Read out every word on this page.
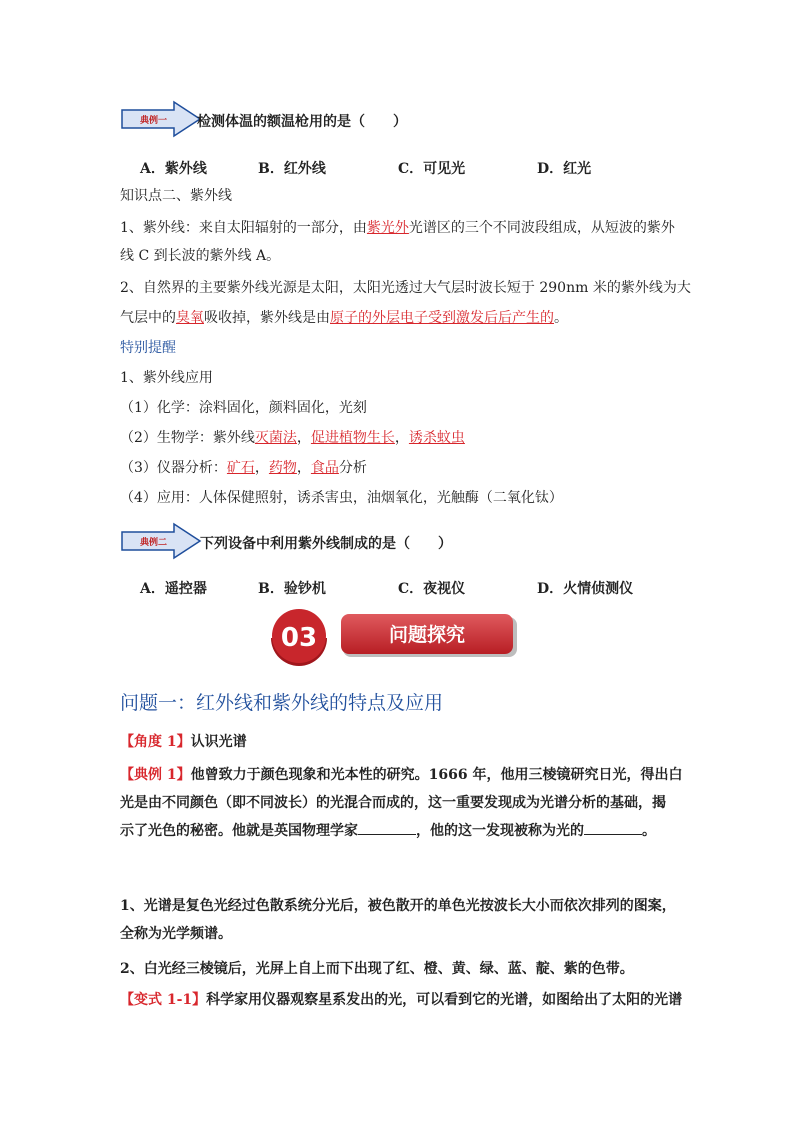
典例一 检测体温的额温枪用的是（　　）
A．紫外线	B．红外线	C．可见光	D．红光
知识点二、紫外线
1、紫外线：来自太阳辐射的一部分，由紫光外光谱区的三个不同波段组成，从短波的紫外
线 C 到长波的紫外线 A。
2、自然界的主要紫外线光源是太阳，太阳光透过大气层时波长短于 290nm 米的紫外线为大
气层中的臭氧吸收掉，紫外线是由原子的外层电子受到激发后后产生的。
特别提醒
1、紫外线应用
（1）化学：涂料固化，颜料固化，光刻
（2）生物学：紫外线灭菌法，促进植物生长，诱杀蚊虫
（3）仪器分析：矿石，药物，食品分析
（4）应用：人体保健照射，诱杀害虫，油烟氧化，光触酶（二氧化钛）
典例二 下列设备中利用紫外线制成的是（　　）
A．遥控器	B．验钞机	C．夜视仪	D．火情侦测仪
03	问题探究
问题一：红外线和紫外线的特点及应用
【角度 1】认识光谱
【典例 1】他曾致力于颜色现象和光本性的研究。1666 年，他用三棱镜研究日光，得出白
光是由不同颜色（即不同波长）的光混合而成的，这一重要发现成为光谱分析的基础，揭
示了光色的秘密。他就是英国物理学家	，他的这一发现被称为光的	。
1、光谱是复色光经过色散系统分光后，被色散开的单色光按波长大小而依次排列的图案，
全称为光学频谱。
2、白光经三棱镜后，光屏上自上而下出现了红、橙、黄、绿、蓝、靛、紫的色带。
【变式 1-1】科学家用仪器观察星系发出的光，可以看到它的光谱，如图给出了太阳的光谱
